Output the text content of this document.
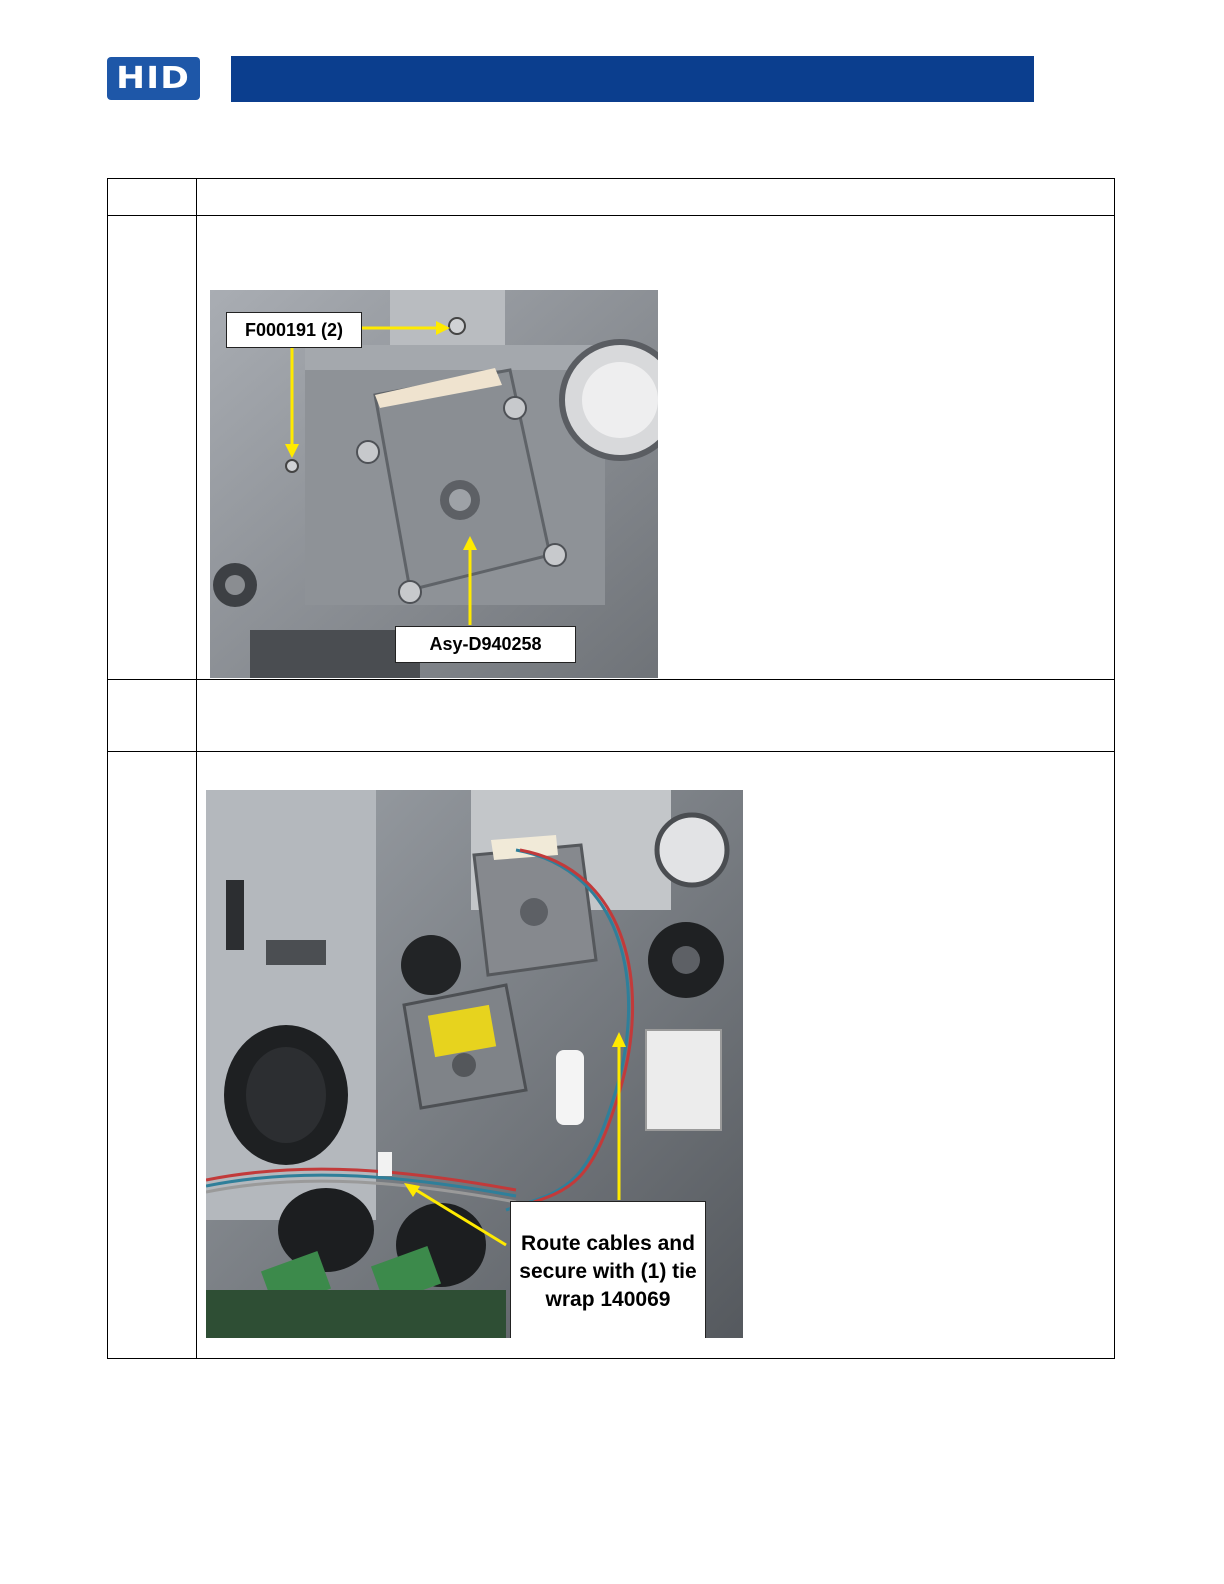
HID

F000191 (2)
Asy-D940258

Route cables and secure with (1) tie wrap 140069
